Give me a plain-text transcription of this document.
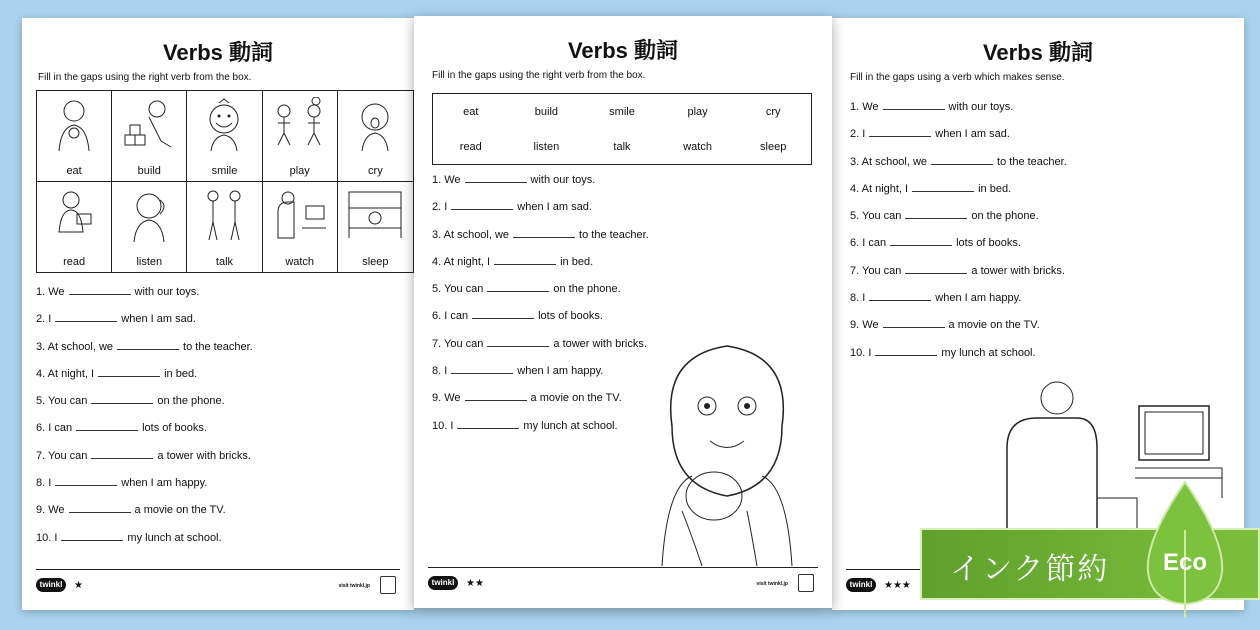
Verbs 動詞
Fill in the gaps using the right verb from the box.
eat	build	smile	play	cry
read	listen	talk	watch	sleep
1. We	with our toys.
2. I	when I am sad.
3. At school, we	to the teacher.
4. At night, I	in bed.
5. You can	on the phone.
6. I can	lots of books.
7. You can	a tower with bricks.
8. I	when I am happy.
9. We	a movie on the TV.
10. I	my lunch at school.
twinkl	★	visit twinkl.jp
Verbs 動詞
Fill in the gaps using the right verb from the box.
eat	build	smile	play	cry
read	listen	talk	watch	sleep
1. We	with our toys.
2. I	when I am sad.
3. At school, we	to the teacher.
4. At night, I	in bed.
5. You can	on the phone.
6. I can	lots of books.
7. You can	a tower with bricks.
8. I	when I am happy.
9. We	a movie on the TV.
10. I	my lunch at school.
twinkl	★★	visit twinkl.jp
Verbs 動詞
Fill in the gaps using a verb which makes sense.
1. We	with our toys.
2. I	when I am sad.
3. At school, we	to the teacher.
4. At night, I	in bed.
5. You can	on the phone.
6. I can	lots of books.
7. You can	a tower with bricks.
8. I	when I am happy.
9. We	a movie on the TV.
10. I	my lunch at school.
twinkl	★★★ インク節約 Eco
